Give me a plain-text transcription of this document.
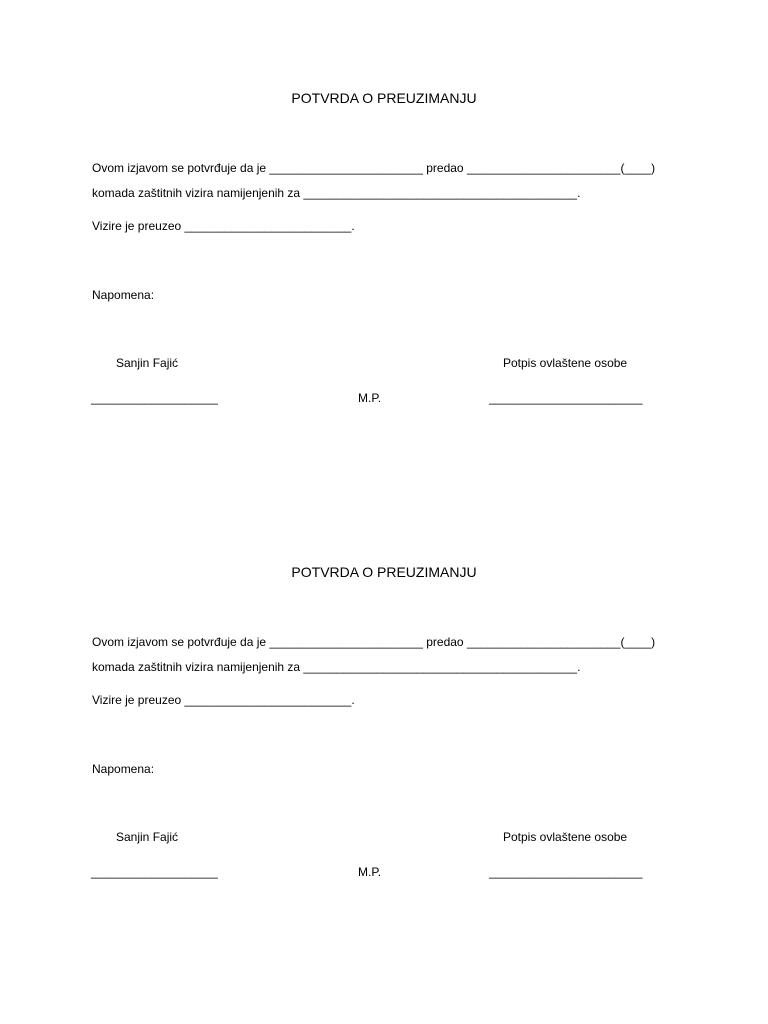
POTVRDA O PREUZIMANJU
Ovom izjavom se potvrđuje da je _______________________ predao _______________________(____)
komada zaštitnih vizira namijenjenih za _________________________________________.
Vizire je preuzeo _________________________.
Napomena:
Sanjin Fajić	Potpis ovlaštene osobe
___________________	M.P.	_______________________
POTVRDA O PREUZIMANJU
Ovom izjavom se potvrđuje da je _______________________ predao _______________________(____)
komada zaštitnih vizira namijenjenih za _________________________________________.
Vizire je preuzeo _________________________.
Napomena:
Sanjin Fajić	Potpis ovlaštene osobe
___________________	M.P.	_______________________
